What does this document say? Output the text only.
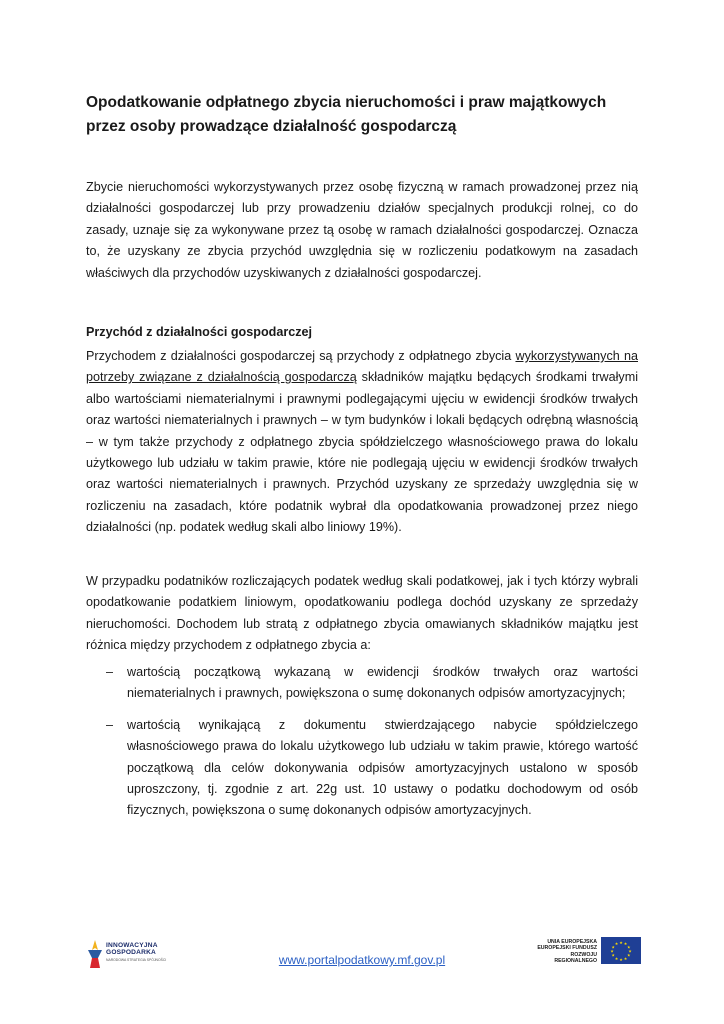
Opodatkowanie odpłatnego zbycia nieruchomości i praw majątkowych przez osoby prowadzące działalność gospodarczą

Zbycie nieruchomości wykorzystywanych przez osobę fizyczną w ramach prowadzonej przez nią działalności gospodarczej lub przy prowadzeniu działów specjalnych produkcji rolnej, co do zasady, uznaje się za wykonywane przez tą osobę w ramach działalności gospodarczej. Oznacza to, że uzyskany ze zbycia przychód uwzględnia się w rozliczeniu podatkowym na zasadach właściwych dla przychodów uzyskiwanych z działalności gospodarczej.

Przychód z działalności gospodarczej

Przychodem z działalności gospodarczej są przychody z odpłatnego zbycia wykorzystywanych na potrzeby związane z działalnością gospodarczą składników majątku będących środkami trwałymi albo wartościami niematerialnymi i prawnymi podlegającymi ujęciu w ewidencji środków trwałych oraz wartości niematerialnych i prawnych – w tym budynków i lokali będących odrębną własnością – w tym także przychody z odpłatnego zbycia spółdzielczego własnościowego prawa do lokalu użytkowego lub udziału w takim prawie, które nie podlegają ujęciu w ewidencji środków trwałych oraz wartości niematerialnych i prawnych. Przychód uzyskany ze sprzedaży uwzględnia się w rozliczeniu na zasadach, które podatnik wybrał dla opodatkowania prowadzonej przez niego działalności (np. podatek według skali albo liniowy 19%).

W przypadku podatników rozliczających podatek według skali podatkowej, jak i tych którzy wybrali opodatkowanie podatkiem liniowym, opodatkowaniu podlega dochód uzyskany ze sprzedaży nieruchomości. Dochodem lub stratą z odpłatnego zbycia omawianych składników majątku jest różnica między przychodem z odpłatnego zbycia a:

– wartością początkową wykazaną w ewidencji środków trwałych oraz wartości niematerialnych i prawnych, powiększona o sumę dokonanych odpisów amortyzacyjnych;
– wartością wynikającą z dokumentu stwierdzającego nabycie spółdzielczego własnościowego prawa do lokalu użytkowego lub udziału w takim prawie, którego wartość początkową dla celów dokonywania odpisów amortyzacyjnych ustalono w sposób uproszczony, tj. zgodnie z art. 22g ust. 10 ustawy o podatku dochodowym od osób fizycznych, powiększona o sumę dokonanych odpisów amortyzacyjnych.
INNOWACYJNA
GOSPODARKA
NARODOWA STRATEGIA SPÓJNOŚCI	www.portalpodatkowy.mf.gov.pl
UNIA EUROPEJSKA
EUROPEJSKI FUNDUSZ
ROZWOJU REGIONALNEGO
★ ★
★
★
★
★
★
★
★
★
★
★
